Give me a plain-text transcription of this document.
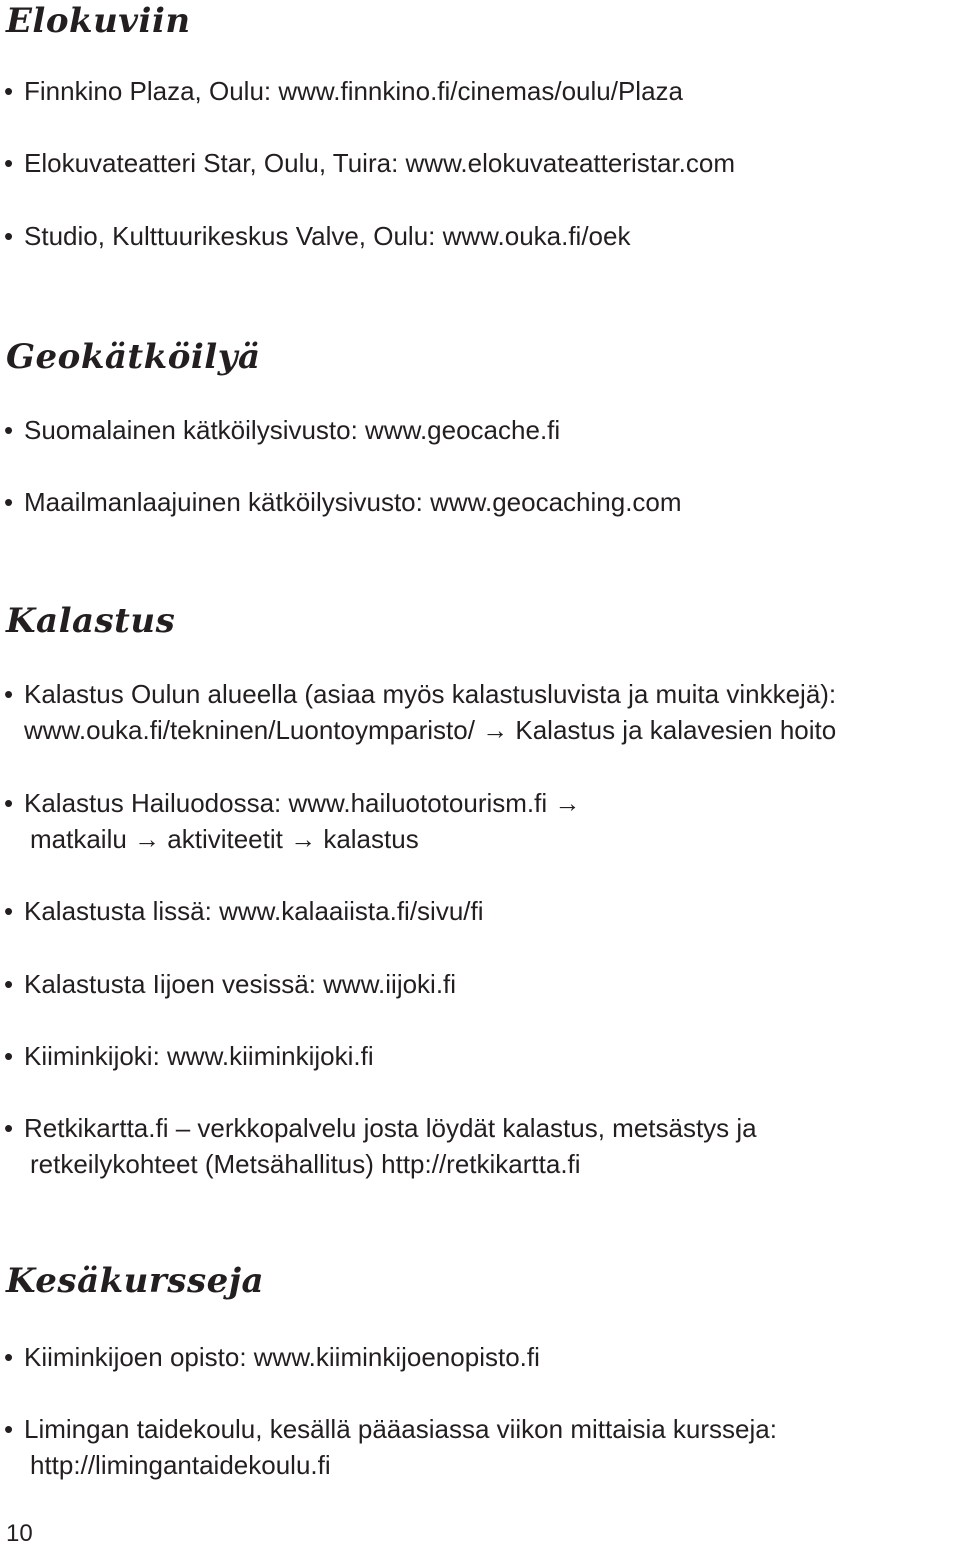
Elokuviin
• Finnkino Plaza, Oulu: www.finnkino.fi/cinemas/oulu/Plaza
• Elokuvateatteri Star, Oulu, Tuira: www.elokuvateatteristar.com
• Studio, Kulttuurikeskus Valve, Oulu: www.ouka.fi/oek
Geokätköilyä
• Suomalainen kätköilysivusto: www.geocache.fi
• Maailmanlaajuinen kätköilysivusto: www.geocaching.com
Kalastus
• Kalastus Oulun alueella (asiaa myös kalastusluvista ja muita vinkkejä):
www.ouka.fi/tekninen/Luontoymparisto/ → Kalastus ja kalavesien hoito
• Kalastus Hailuodossa: www.hailuototourism.fi →
matkailu → aktiviteetit → kalastus
• Kalastusta lissä: www.kalaaiista.fi/sivu/fi
• Kalastusta Iijoen vesissä: www.iijoki.fi
• Kiiminkijoki: www.kiiminkijoki.fi
• Retkikartta.fi – verkkopalvelu josta löydät kalastus, metsästys ja
retkeilykohteet (Metsähallitus) http://retkikartta.fi
Kesäkursseja
• Kiiminkijoen opisto: www.kiiminkijoenopisto.fi
• Limingan taidekoulu, kesällä pääasiassa viikon mittaisia kursseja:
http://limingantaidekoulu.fi
10
